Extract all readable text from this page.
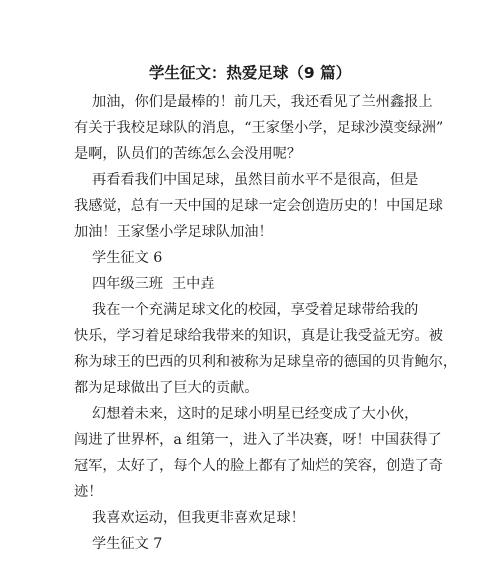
学生征文：热爱足球（9 篇）
加油，你们是最棒的！前几天，我还看见了兰州鑫报上
有关于我校足球队的消息，“王家堡小学，足球沙漠变绿洲”
是啊，队员们的苦练怎么会没用呢？
再看看我们中国足球，虽然目前水平不是很高，但是
我感觉，总有一天中国的足球一定会创造历史的！中国足球
加油！王家堡小学足球队加油！
学生征文 6
四年级三班  王中垚
我在一个充满足球文化的校园，享受着足球带给我的
快乐，学习着足球给我带来的知识，真是让我受益无穷。被
称为球王的巴西的贝利和被称为足球皇帝的德国的贝肯鲍尔，
都为足球做出了巨大的贡献。
幻想着未来，这时的足球小明星已经变成了大小伙，
闯进了世界杯，a 组第一，进入了半决赛，呀！中国获得了
冠军，太好了，每个人的脸上都有了灿烂的笑容，创造了奇
迹！
我喜欢运动，但我更非喜欢足球！
学生征文 7
